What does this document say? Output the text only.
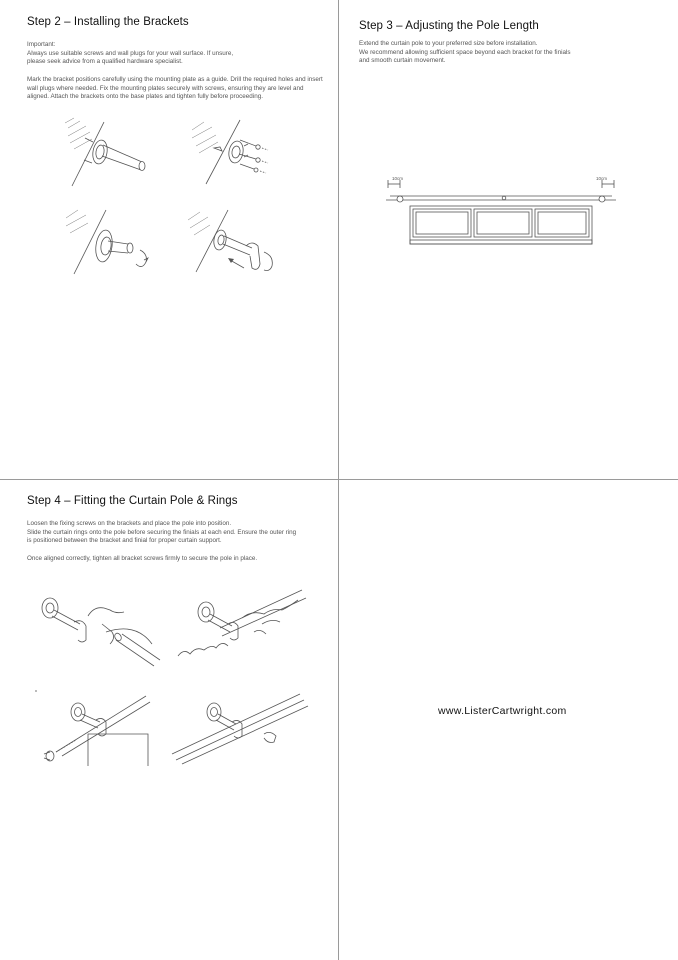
Step 2 – Installing the Brackets
Important:
Always use suitable screws and wall plugs for your wall surface. If unsure,
please seek advice from a qualified hardware specialist.
Mark the bracket positions carefully using the mounting plate as a guide. Drill the required holes and insert wall plugs where needed. Fix the mounting plates securely with screws, ensuring they are level and aligned. Attach the brackets onto the base plates and tighten fully before proceeding.
Step 3 – Adjusting the Pole Length
Extend the curtain pole to your preferred size before installation.
We recommend allowing sufficient space beyond each bracket for the finials
and smooth curtain movement.
10cm	10cm
Step 4 – Fitting the Curtain Pole & Rings
Loosen the fixing screws on the brackets and place the pole into position.
Slide the curtain rings onto the pole before securing the finials at each end. Ensure the outer ring
is positioned between the bracket and finial for proper curtain support.
Once aligned correctly, tighten all bracket screws firmly to secure the pole in place.
www.ListerCartwright.com
